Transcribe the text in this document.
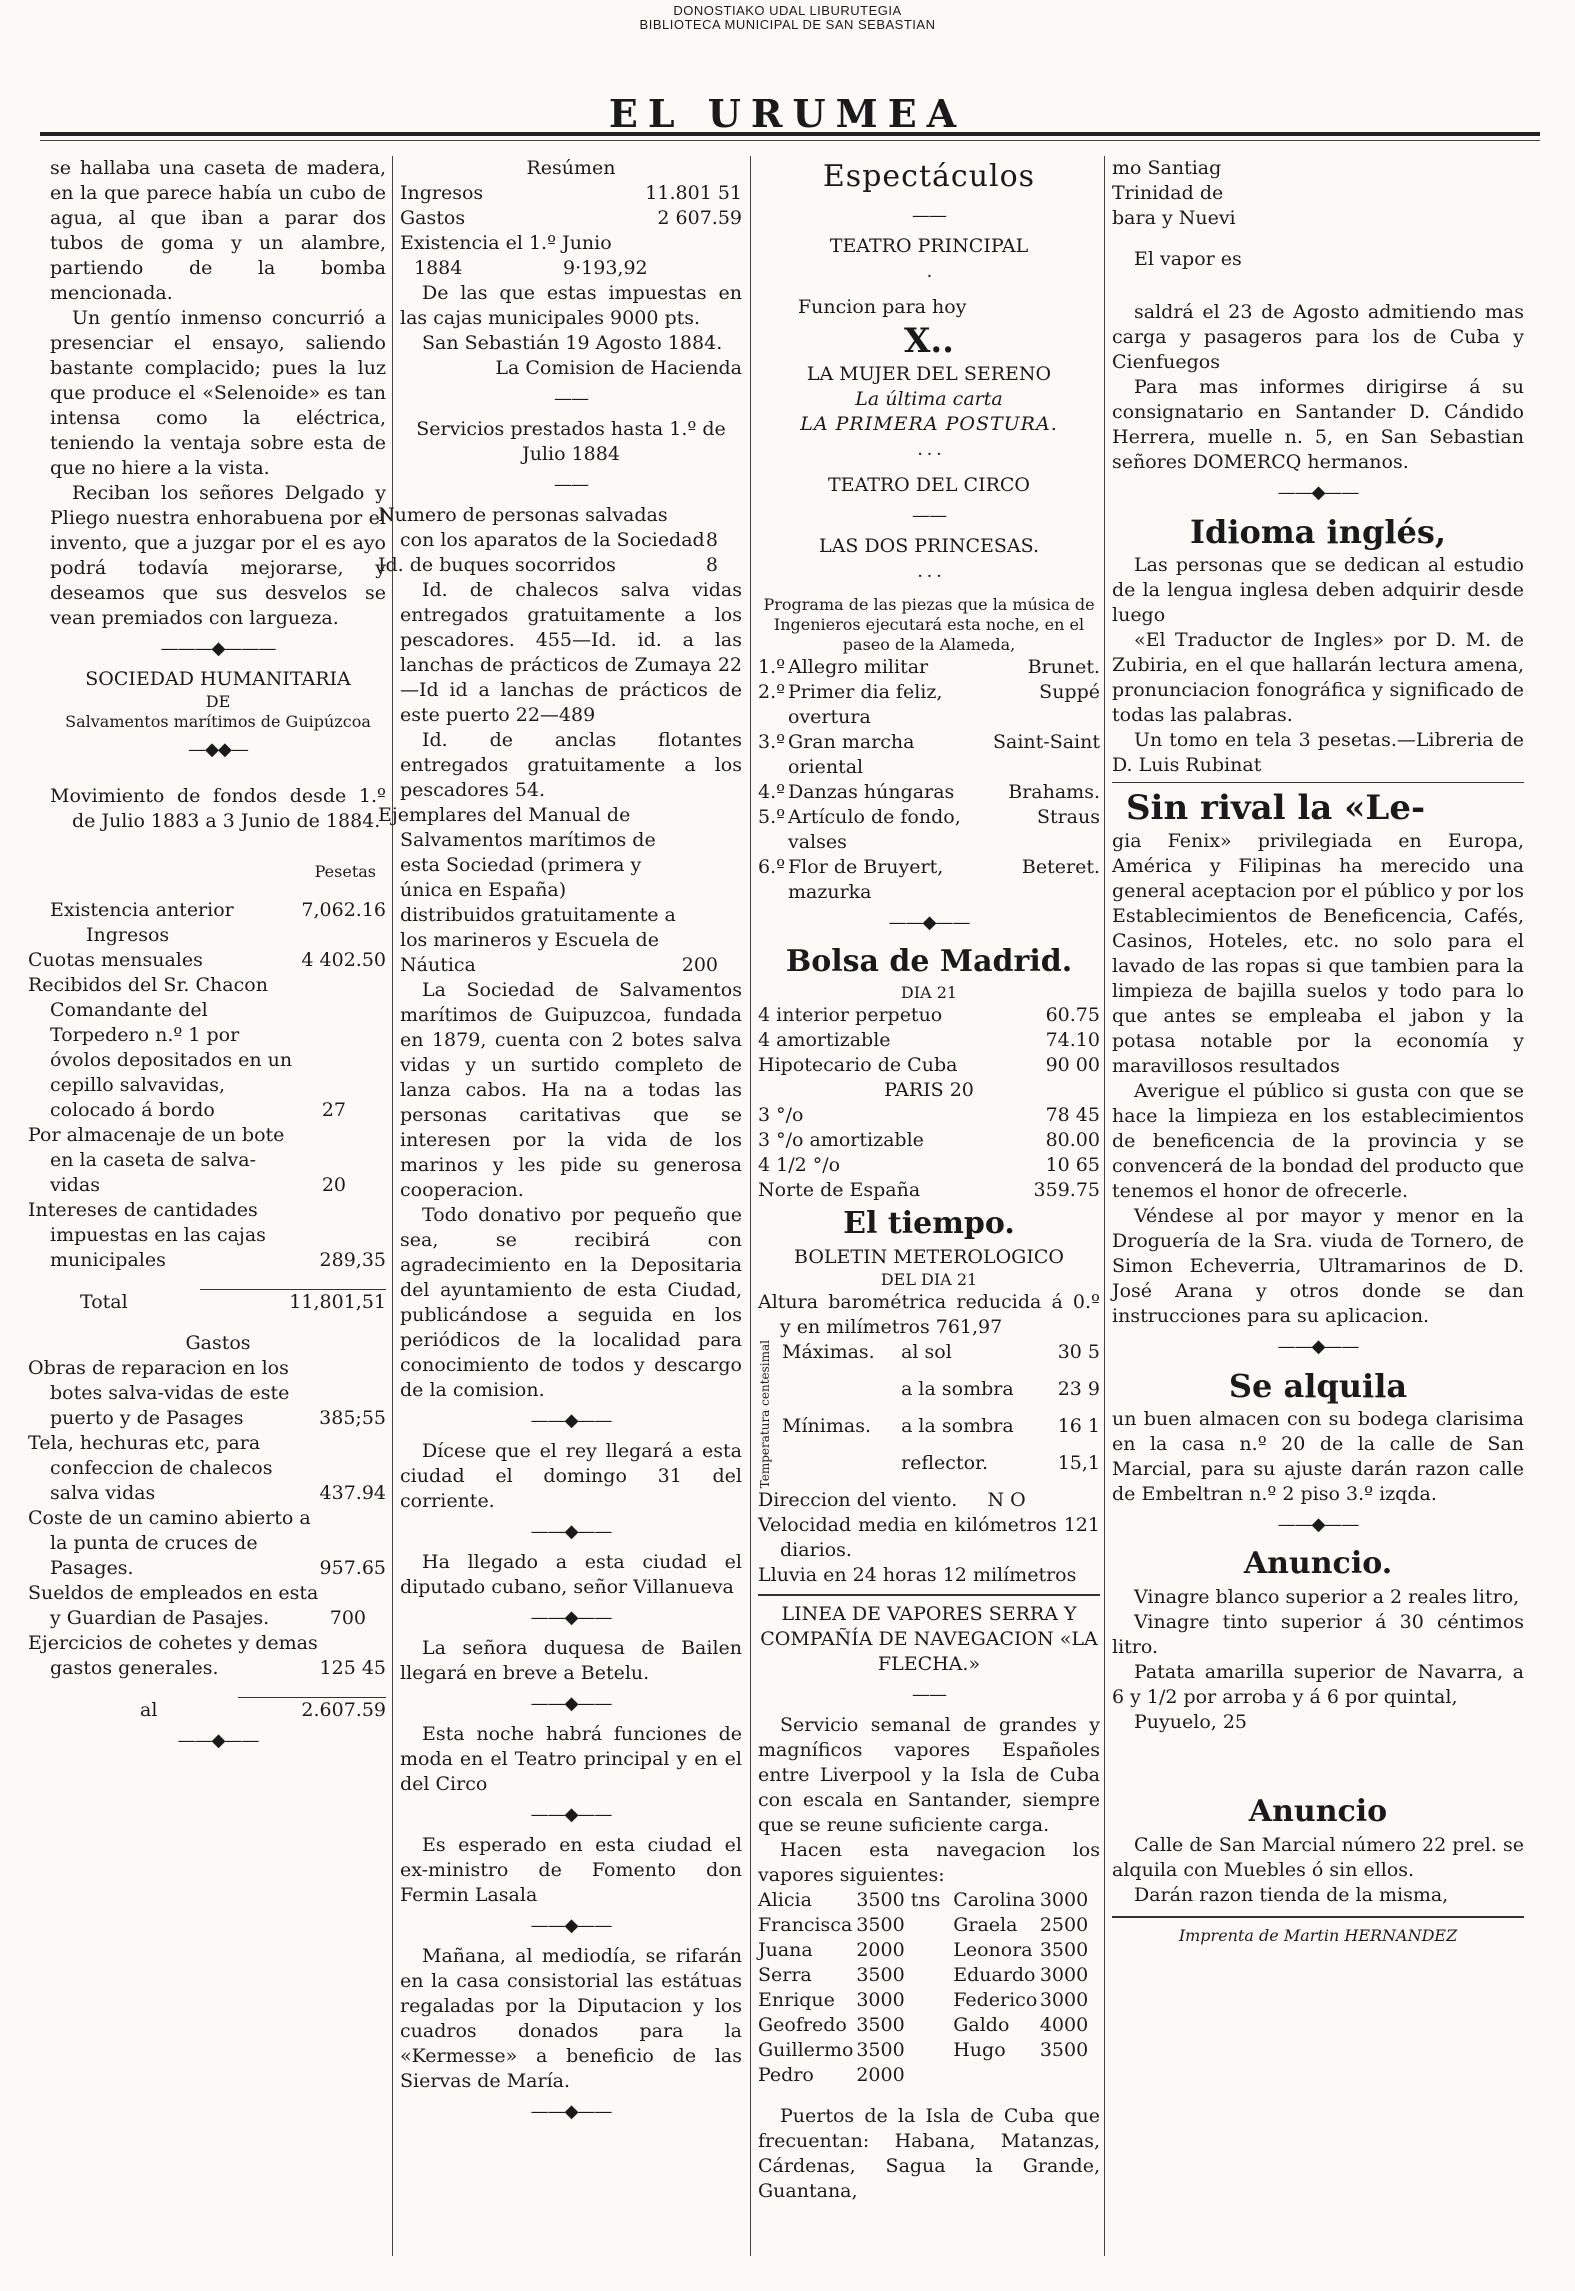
DONOSTIAKO UDAL LIBURUTEGIA
BIBLIOTECA MUNICIPAL DE SAN SEBASTIAN
EL URUMEA

se hallaba una caseta de madera, en la que parece había un cubo de agua, al que iban a parar dos tubos de goma y un alambre, partiendo de la bomba mencionada.

Un gentío inmenso concurrió a presenciar el ensayo, saliendo bastante complacido; pues la luz que produce el «Selenoide» es tan intensa como la eléctrica, teniendo la ventaja sobre esta de que no hiere a la vista.

Reciban los señores Delgado y Pliego nuestra enhorabuena por el invento, que a juzgar por el es ayo podrá todavía mejorarse, y deseamos que sus desvelos se vean premiados con largueza.

———◆———
SOCIEDAD HUMANITARIA
DE
Salvamentos marítimos de Guipúzcoa
—◆◆—

Movimiento de fondos desde 1.º de Julio 1883 a 3 Junio de 1884.

Pesetas
Existencia anterior	7,062.16
Ingresos
Cuotas mensuales	4 402.50
Recibidos del Sr. Chacon Comandante del Torpedero n.º 1 por óvolos depositados en un cepillo salvavidas, colocado á bordo	27
Por almacenaje de un bote en la caseta de salva-vidas	20
Intereses de cantidades impuestas en las cajas municipales	289,35
Total	11,801,51
Gastos
Obras de reparacion en los botes salva-vidas de este puerto y de Pasages	385;55
Tela, hechuras etc, para confeccion de chalecos salva vidas	437.94
Coste de un camino abierto a la punta de cruces de Pasages.	957.65
Sueldos de empleados en esta y Guardian de Pasajes.	700
Ejercicios de cohetes y demas gastos generales.	125 45
al	2.607.59
——◆——
Resúmen
Ingresos	11.801 51
Gastos	2 607.59
Existencia el 1.º Junio
1884	9·193,92

De las que estas impuestas en las cajas municipales 9000 pts.

San Sebastián 19 Agosto 1884.

La Comision de Hacienda
——
Servicios prestados hasta 1.º de Julio 1884
——
Numero de personas salvadas con los aparatos de la Sociedad	8
Id. de buques socorridos	8

Id. de chalecos salva vidas entregados gratuitamente a los pescadores. 455—Id. id. a las lanchas de prácticos de Zumaya 22—Id id a lanchas de prácticos de este puerto 22—489

Id. de anclas flotantes entregados gratuitamente a los pescadores 54.

Ejemplares del Manual de Salvamentos marítimos de esta Sociedad (primera y única en España) distribuidos gratuitamente a los marineros y Escuela de Náutica	200

La Sociedad de Salvamentos marítimos de Guipuzcoa, fundada en 1879, cuenta con 2 botes salva vidas y un surtido completo de lanza cabos. Ha na a todas las personas caritativas que se interesen por la vida de los marinos y les pide su generosa cooperacion.

Todo donativo por pequeño que sea, se recibirá con agradecimiento en la Depositaria del ayuntamiento de esta Ciudad, publicándose a seguida en los periódicos de la localidad para conocimiento de todos y descargo de la comision.

——◆——

Dícese que el rey llegará a esta ciudad el domingo 31 del corriente.

——◆——

Ha llegado a esta ciudad el diputado cubano, señor Villanueva

——◆——

La señora duquesa de Bailen llegará en breve a Betelu.

——◆——

Esta noche habrá funciones de moda en el Teatro principal y en el del Circo

——◆——

Es esperado en esta ciudad el ex-ministro de Fomento don Fermin Lasala

——◆——

Mañana, al mediodía, se rifarán en la casa consistorial las estátuas regaladas por la Diputacion y los cuadros donados para la «Kermesse» a beneficio de las Siervas de María.

——◆——
Espectáculos
——
TEATRO PRINCIPAL
·
Funcion para hoy
X..
LA MUJER DEL SERENO
La última carta
LA PRIMERA POSTURA.
· · ·
TEATRO DEL CIRCO
——
LAS DOS PRINCESAS.
· · ·

Programa de las piezas que la música de Ingenieros ejecutará esta noche, en el paseo de la Alameda,

1.º	Allegro militar	Brunet.
2.º	Primer dia feliz, overtura	Suppé
3.º	Gran marcha oriental	Saint-Saint
4.º	Danzas húngaras	Brahams.
5.º	Artículo de fondo, valses	Straus
6.º	Flor de Bruyert, mazurka	Beteret.
——◆——
Bolsa de Madrid.
DIA 21
4 interior perpetuo	60.75
4 amortizable	74.10
Hipotecario de Cuba	90 00
PARIS 20
3 °/o	78 45
3 °/o amortizable	80.00
4 1/2 °/o	10 65
Norte de España	359.75
El tiempo.
BOLETIN METEROLOGICO
DEL DIA 21

Altura barométrica reducida á 0.º y en milímetros 761,97

Temperatura centesimal	Máximas.	al sol	30 5
		a la sombra	23 9
	Mínimas.	a la sombra	16 1
		reflector.	15,1
Direccion del viento.     N O

Velocidad media en kilómetros 121 diarios.

Lluvia en 24 horas 12 milímetros
LINEA DE VAPORES SERRA Y COMPAÑÍA DE NAVEGACION «LA FLECHA.»
——

Servicio semanal de grandes y magníficos vapores Españoles entre Liverpool y la Isla de Cuba con escala en Santander, siempre que se reune suficiente carga.

Hacen esta navegacion los vapores siguientes:

Alicia	3500 tns	Carolina	3000
Francisca	3500	Graela	2500
Juana	2000	Leonora	3500
Serra	3500	Eduardo	3000
Enrique	3000	Federico	3000
Geofredo	3500	Galdo	4000
Guillermo	3500	Hugo	3500
Pedro	2000		

Puertos de la Isla de Cuba que frecuentan: Habana, Matanzas, Cárdenas, Sagua la Grande, Guantana,

mo Santiag
Trinidad de
bara y Nuevi
El vapor es

saldrá el 23 de Agosto admitiendo mas carga y pasageros para los de Cuba y Cienfuegos

Para mas informes dirigirse á su consignatario en Santander D. Cándido Herrera, muelle n. 5, en San Sebastian señores DOMERCQ hermanos.

——◆——
Idioma inglés,

Las personas que se dedican al estudio de la lengua inglesa deben adquirir desde luego

«El Traductor de Ingles» por D. M. de Zubiria, en el que hallarán lectura amena, pronunciacion fonográfica y significado de todas las palabras.

Un tomo en tela 3 pesetas.—Libreria de D. Luis Rubinat

Sin rival la «Le-

gia Fenix» privilegiada en Europa, América y Filipinas ha merecido una general aceptacion por el público y por los Establecimientos de Beneficencia, Cafés, Casinos, Hoteles, etc. no solo para el lavado de las ropas si que tambien para la limpieza de bajilla suelos y todo para lo que antes se empleaba el jabon y la potasa notable por la economía y maravillosos resultados

Averigue el público si gusta con que se hace la limpieza en los establecimientos de beneficencia de la provincia y se convencerá de la bondad del producto que tenemos el honor de ofrecerle.

Véndese al por mayor y menor en la Droguería de la Sra. viuda de Tornero, de Simon Echeverria, Ultramarinos de D. José Arana y otros donde se dan instrucciones para su aplicacion.

——◆——
Se alquila

un buen almacen con su bodega clarisima en la casa n.º 20 de la calle de San Marcial, para su ajuste darán razon calle de Embeltran n.º 2 piso 3.º izqda.

——◆——
Anuncio.

Vinagre blanco superior a 2 reales litro,

Vinagre tinto superior á 30 céntimos litro.

Patata amarilla superior de Navarra, a 6 y 1/2 por arroba y á 6 por quintal,

Puyuelo, 25
Anuncio

Calle de San Marcial número 22 prel. se alquila con Muebles ó sin ellos.

Darán razon tienda de la misma,

Imprenta de Martin HERNANDEZ
